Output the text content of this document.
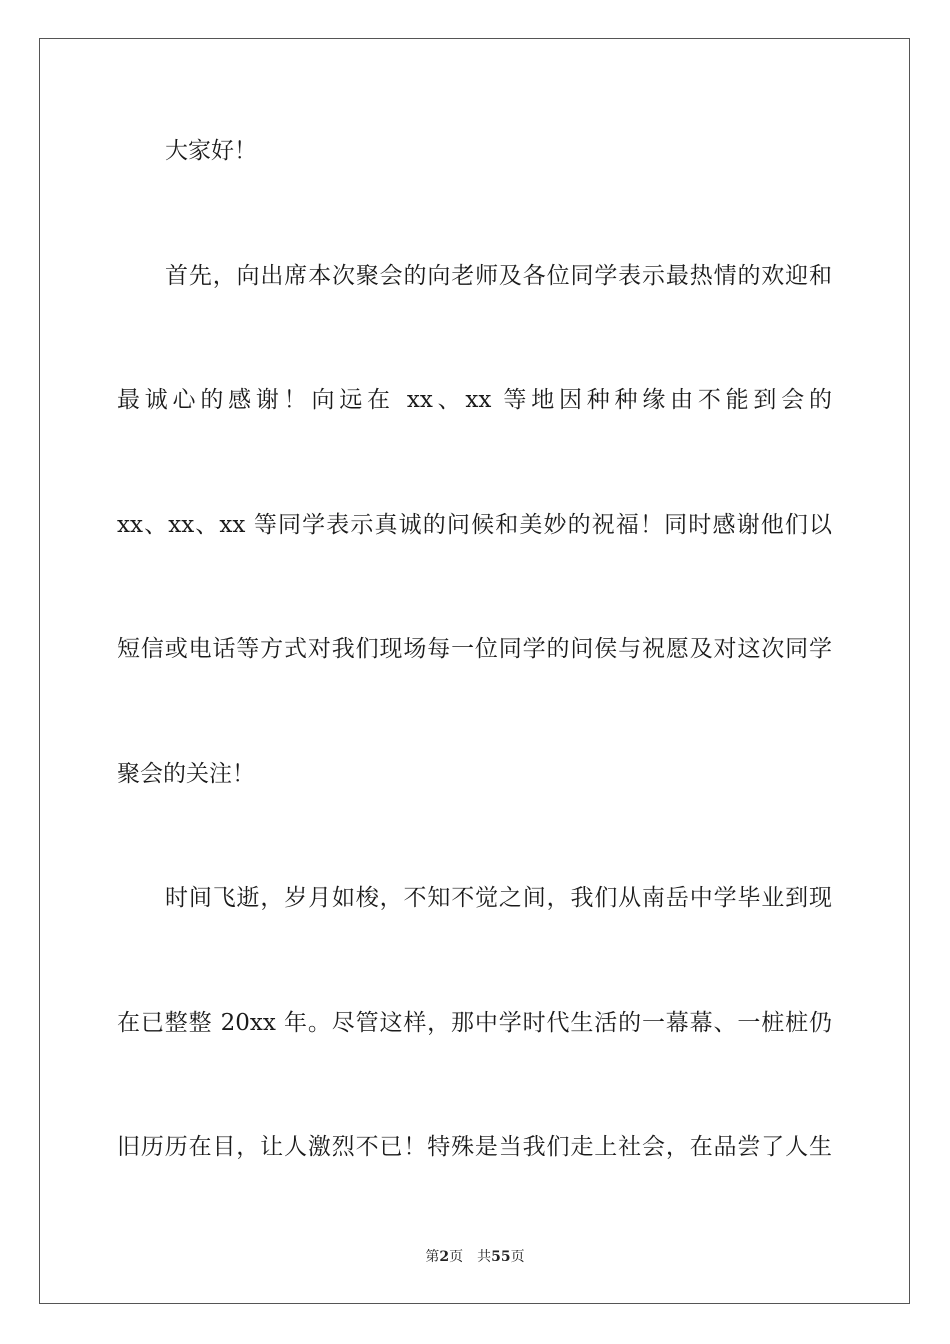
大家好！
首先，向出席本次聚会的向老师及各位同学表示最热情的欢迎和
最诚心的感谢！向远在 xx、xx 等地因种种缘由不能到会的
xx、xx、xx 等同学表示真诚的问候和美妙的祝福！同时感谢他们以
短信或电话等方式对我们现场每一位同学的问侯与祝愿及对这次同学
聚会的关注！
时间飞逝，岁月如梭，不知不觉之间，我们从南岳中学毕业到现
在已整整 20xx 年。尽管这样，那中学时代生活的一幕幕、一桩桩仍
旧历历在目，让人激烈不已！特殊是当我们走上社会，在品尝了人生
第2页 共55页
